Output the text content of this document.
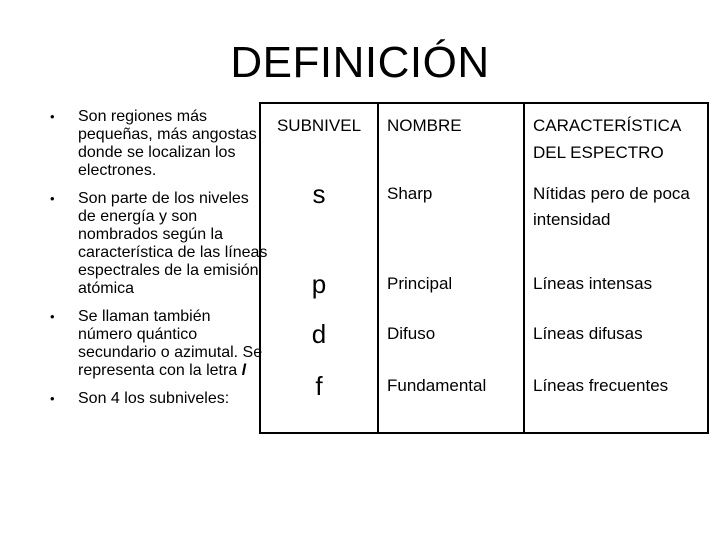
DEFINICIÓN
• Son regiones más pequeñas, más angostas donde se localizan los electrones.
• Son parte de los niveles de energía y son nombrados según la característica de las líneas espectrales de la emisión atómica
• Se llaman también número quántico secundario o azimutal. Se representa con la letra l
• Son 4 los subniveles:
SUBNIVEL	NOMBRE	CARACTERÍSTICA DEL ESPECTRO

s	Sharp	Nítidas pero de poca intensidad

p	Principal	Líneas intensas

d	Difuso	Líneas difusas

f	Fundamental	Líneas frecuentes
